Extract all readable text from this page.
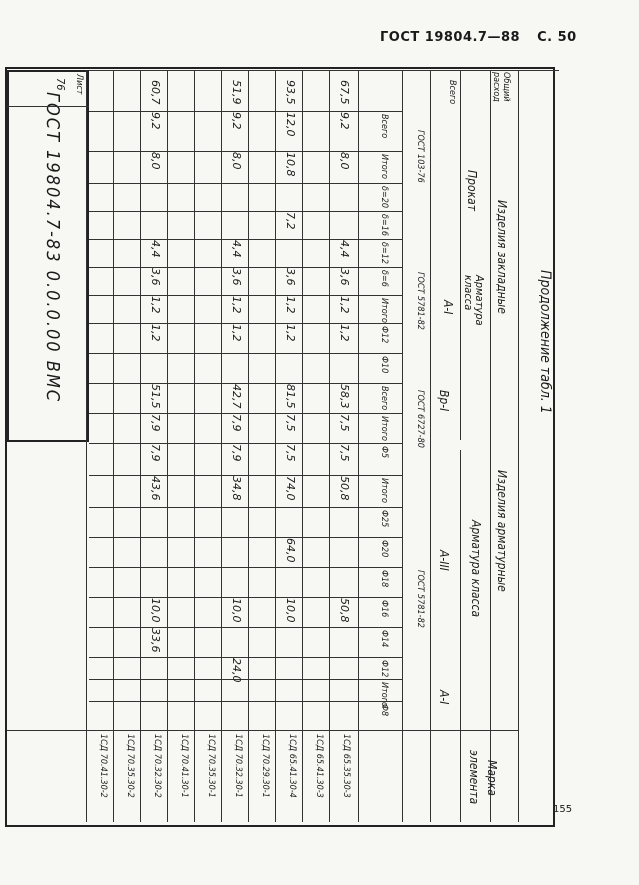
ГОСТ 19804.7—88 С. 50
155
Продолжение табл. 1
Изделия арматурные
Изделия закладные
Арматура класса
Арматура класса
Прокат
А-I
А-III
Вр-I
А-I
ГОСТ 5781-82
ГОСТ 6727-80
ГОСТ 5781-82
ГОСТ 103-76
Марка
элемента
Всего	Общий расход
ГОСТ 19804.7-83 0.0.0.00 ВМС
Лист
76
Ф8
Итого
Ф12
Ф14
Ф16
Ф18
Ф20
Ф25
Итого
Ф5
Итого
Всего
Ф10
Ф12
Итого
δ=6
δ=12
δ=16
δ=20
Итого
Всего
1СД 65.35.30-3
50,8
50,8
7,5
7,5
58,3
1,2
1,2
3,6
4,4
8,0
9,2
67,5
1СД 65.41.30-3
1СД 65.41.30-4
10,0
64,0
74,0
7,5
7,5
81,5
1,2
1,2
3,6
7,2
10,8
12,0
93,5
1СД 70.29.30-1
1СД 70.32.30-1
24,0
10,0
34,8
7,9
7,9
42,7
1,2
1,2
3,6
4,4
8,0
9,2
51,9
1СД 70.35.30-1
1СД 70.41.30-1
1СД 70.32.30-2
33,6
10,0
43,6
7,9
7,9
51,5
1,2
1,2
3,6
4,4
8,0
9,2
60,7
1СД 70.35.30-2
1СД 70.41.30-2
